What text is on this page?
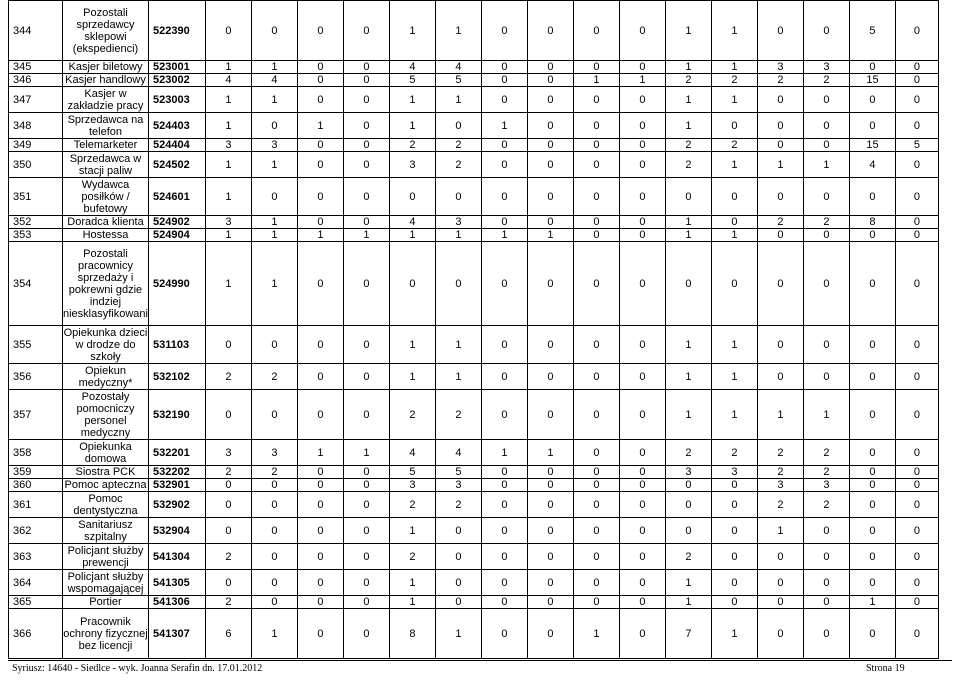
344	Pozostali sprzedawcy sklepowi (ekspedienci)	522390	0	0	0	0	1	1	0	0	0	0	1	1	0	0	5	0
345	Kasjer biletowy	523001	1	1	0	0	4	4	0	0	0	0	1	1	3	3	0	0
346	Kasjer handlowy	523002	4	4	0	0	5	5	0	0	1	1	2	2	2	2	15	0
347	Kasjer w zakładzie pracy	523003	1	1	0	0	1	1	0	0	0	0	1	1	0	0	0	0
348	Sprzedawca na telefon	524403	1	0	1	0	1	0	1	0	0	0	1	0	0	0	0	0
349	Telemarketer	524404	3	3	0	0	2	2	0	0	0	0	2	2	0	0	15	5
350	Sprzedawca w stacji paliw	524502	1	1	0	0	3	2	0	0	0	0	2	1	1	1	4	0
351	Wydawca posiłków / bufetowy	524601	1	0	0	0	0	0	0	0	0	0	0	0	0	0	0	0
352	Doradca klienta	524902	3	1	0	0	4	3	0	0	0	0	1	0	2	2	8	0
353	Hostessa	524904	1	1	1	1	1	1	1	1	0	0	1	1	0	0	0	0
354	Pozostali pracownicy sprzedaży i pokrewni gdzie indziej niesklasyfikowani	524990	1	1	0	0	0	0	0	0	0	0	0	0	0	0	0	0
355	Opiekunka dzieci w drodze do szkoły	531103	0	0	0	0	1	1	0	0	0	0	1	1	0	0	0	0
356	Opiekun medyczny*	532102	2	2	0	0	1	1	0	0	0	0	1	1	0	0	0	0
357	Pozostały pomocniczy personel medyczny	532190	0	0	0	0	2	2	0	0	0	0	1	1	1	1	0	0
358	Opiekunka domowa	532201	3	3	1	1	4	4	1	1	0	0	2	2	2	2	0	0
359	Siostra PCK	532202	2	2	0	0	5	5	0	0	0	0	3	3	2	2	0	0
360	Pomoc apteczna	532901	0	0	0	0	3	3	0	0	0	0	0	0	3	3	0	0
361	Pomoc dentystyczna	532902	0	0	0	0	2	2	0	0	0	0	0	0	2	2	0	0
362	Sanitariusz szpitalny	532904	0	0	0	0	1	0	0	0	0	0	0	0	1	0	0	0
363	Policjant służby prewencji	541304	2	0	0	0	2	0	0	0	0	0	2	0	0	0	0	0
364	Policjant służby wspomagającej	541305	0	0	0	0	1	0	0	0	0	0	1	0	0	0	0	0
365	Portier	541306	2	0	0	0	1	0	0	0	0	0	1	0	0	0	1	0
366	Pracownik ochrony fizycznej bez licencji	541307	6	1	0	0	8	1	0	0	1	0	7	1	0	0	0	0
Syriusz: 14640 - Siedlce - wyk. Joanna Serafin dn. 17.01.2012	Strona 19
